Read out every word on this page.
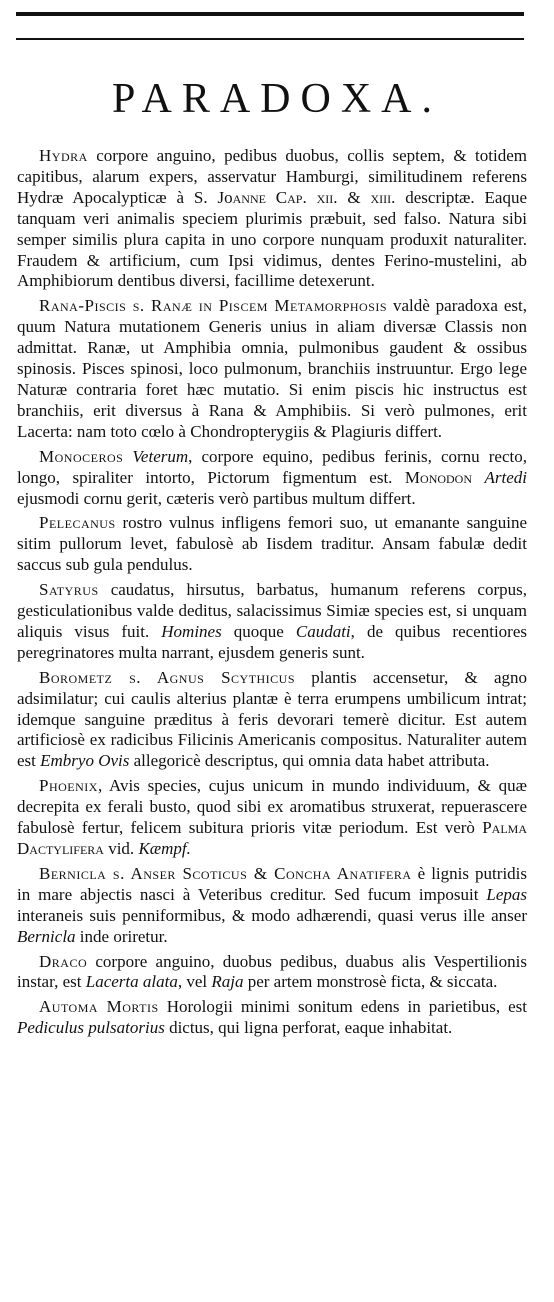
PARADOXA.

Hydra corpore anguino, pedibus duobus, collis septem, & totidem capitibus, alarum expers, asservatur Hamburgi, similitudinem referens Hydræ Apocalypticæ à S. Joanne Cap. xii. & xiii. descriptæ. Eaque tanquam veri animalis speciem plurimis præbuit, sed falso. Natura sibi semper similis plura capita in uno corpore nunquam produxit naturaliter. Fraudem & artificium, cum Ipsi vidimus, dentes Ferino-mustelini, ab Amphibiorum dentibus diversi, facillime detexerunt.

Rana-Piscis s. Ranæ in Piscem Metamorphosis valdè paradoxa est, quum Natura mutationem Generis unius in aliam diversæ Classis non admittat. Ranæ, ut Amphibia omnia, pulmonibus gaudent & ossibus spinosis. Pisces spinosi, loco pulmonum, branchiis instruuntur. Ergo lege Naturæ contraria foret hæc mutatio. Si enim piscis hic instructus est branchiis, erit diversus à Rana & Amphibiis. Si verò pulmones, erit Lacerta: nam toto cœlo à Chondropterygiis & Plagiuris differt.

Monoceros Veterum, corpore equino, pedibus ferinis, cornu recto, longo, spiraliter intorto, Pictorum figmentum est. Monodon Artedi ejusmodi cornu gerit, cæteris verò partibus multum differt.

Pelecanus rostro vulnus infligens femori suo, ut emanante sanguine sitim pullorum levet, fabulosè ab Iisdem traditur. Ansam fabulæ dedit saccus sub gula pendulus.

Satyrus caudatus, hirsutus, barbatus, humanum referens corpus, gesticulationibus valde deditus, salacissimus Simiæ species est, si unquam aliquis visus fuit. Homines quoque Caudati, de quibus recentiores peregrinatores multa narrant, ejusdem generis sunt.

Borometz s. Agnus Scythicus plantis accensetur, & agno adsimilatur; cui caulis alterius plantæ è terra erumpens umbilicum intrat; idemque sanguine præditus à feris devorari temerè dicitur. Est autem artificiosè ex radicibus Filicinis Americanis compositus. Naturaliter autem est Embryo Ovis allegoricè descriptus, qui omnia data habet attributa.

Phoenix, Avis species, cujus unicum in mundo individuum, & quæ decrepita ex ferali busto, quod sibi ex aromatibus struxerat, repuerascere fabulosè fertur, felicem subitura prioris vitæ periodum. Est verò Palma Dactylifera vid. Kæmpf.

Bernicla s. Anser Scoticus & Concha Anatifera è lignis putridis in mare abjectis nasci à Veteribus creditur. Sed fucum imposuit Lepas interaneis suis penniformibus, & modo adhærendi, quasi verus ille anser Bernicla inde oriretur.

Draco corpore anguino, duobus pedibus, duabus alis Vespertilionis instar, est Lacerta alata, vel Raja per artem monstrosè ficta, & siccata.

Automa Mortis Horologii minimi sonitum edens in parietibus, est Pediculus pulsatorius dictus, qui ligna perforat, eaque inhabitat.
